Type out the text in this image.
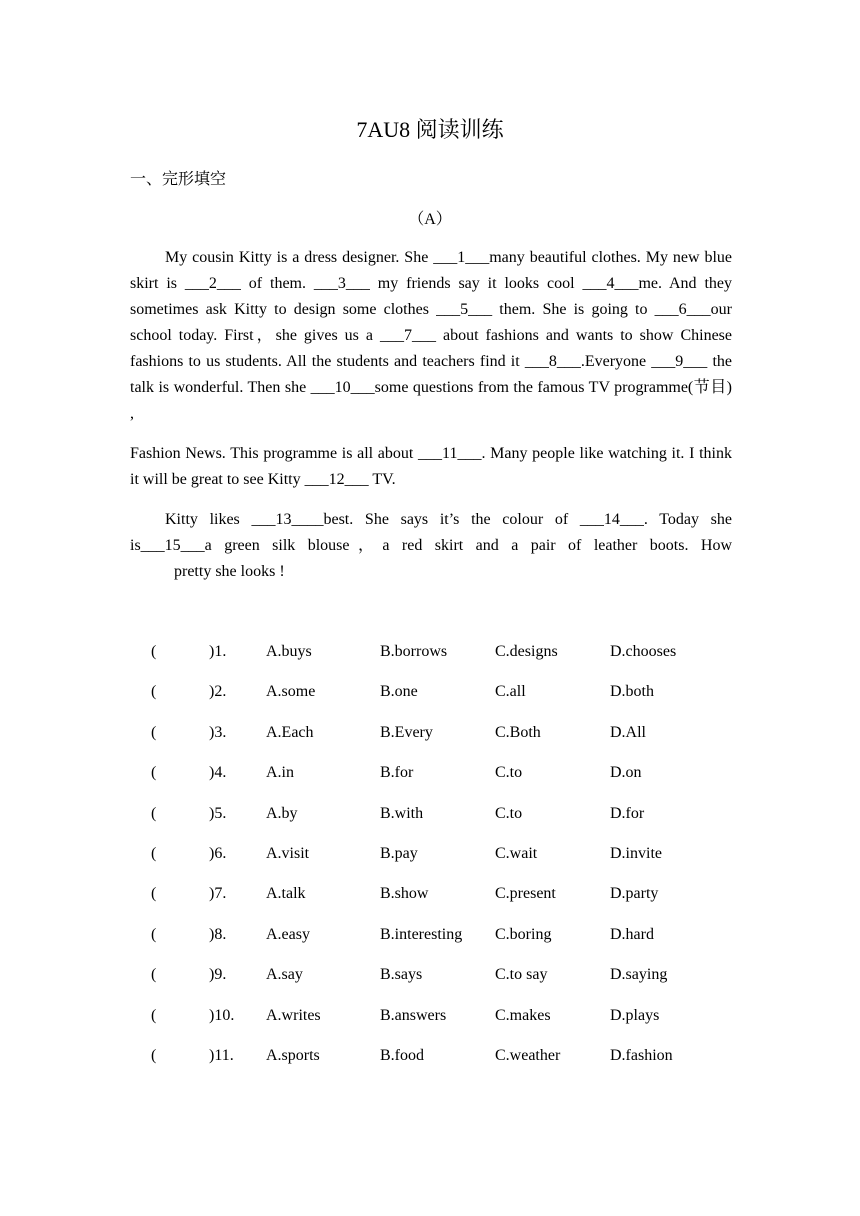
7AU8 阅读训练
一、完形填空
（A）
My cousin Kitty is a dress designer. She ___1___many beautiful clothes. My new blue skirt is ___2___ of them. ___3___ my friends say it looks cool ___4___me. And they sometimes ask Kitty to design some clothes ___5___ them. She is going to ___6___our school today. First，she gives us a ___7___ about fashions and wants to show Chinese fashions to us students. All the students and teachers find it ___8___.Everyone ___9___ the talk is wonderful. Then she ___10___some questions from the famous TV programme(节目) ,
Fashion News. This programme is all about ___11___. Many people like watching it. I think it will be great to see Kitty ___12___ TV.
Kitty likes ___13____best. She says it’s the colour of ___14___. Today she is___15___a green silk blouse，a red skirt and a pair of leather boots. How
pretty she looks !
(	)1. A.buys	B.borrows	C.designs	D.chooses
(	)2. A.some	B.one	C.all	D.both
(	)3. A.Each	B.Every	C.Both	D.All
(	)4. A.in	B.for	C.to	D.on
(	)5. A.by	B.with	C.to	D.for
(	)6. A.visit	B.pay	C.wait	D.invite
(	)7. A.talk	B.show	C.present	D.party
(	)8. A.easy	B.interesting C.boring	D.hard
(	)9. A.say	B.says	C.to say	D.saying
(	)10. A.writes	B.answers	C.makes	D.plays
(	)11. A.sports	B.food	C.weather	D.fashion
